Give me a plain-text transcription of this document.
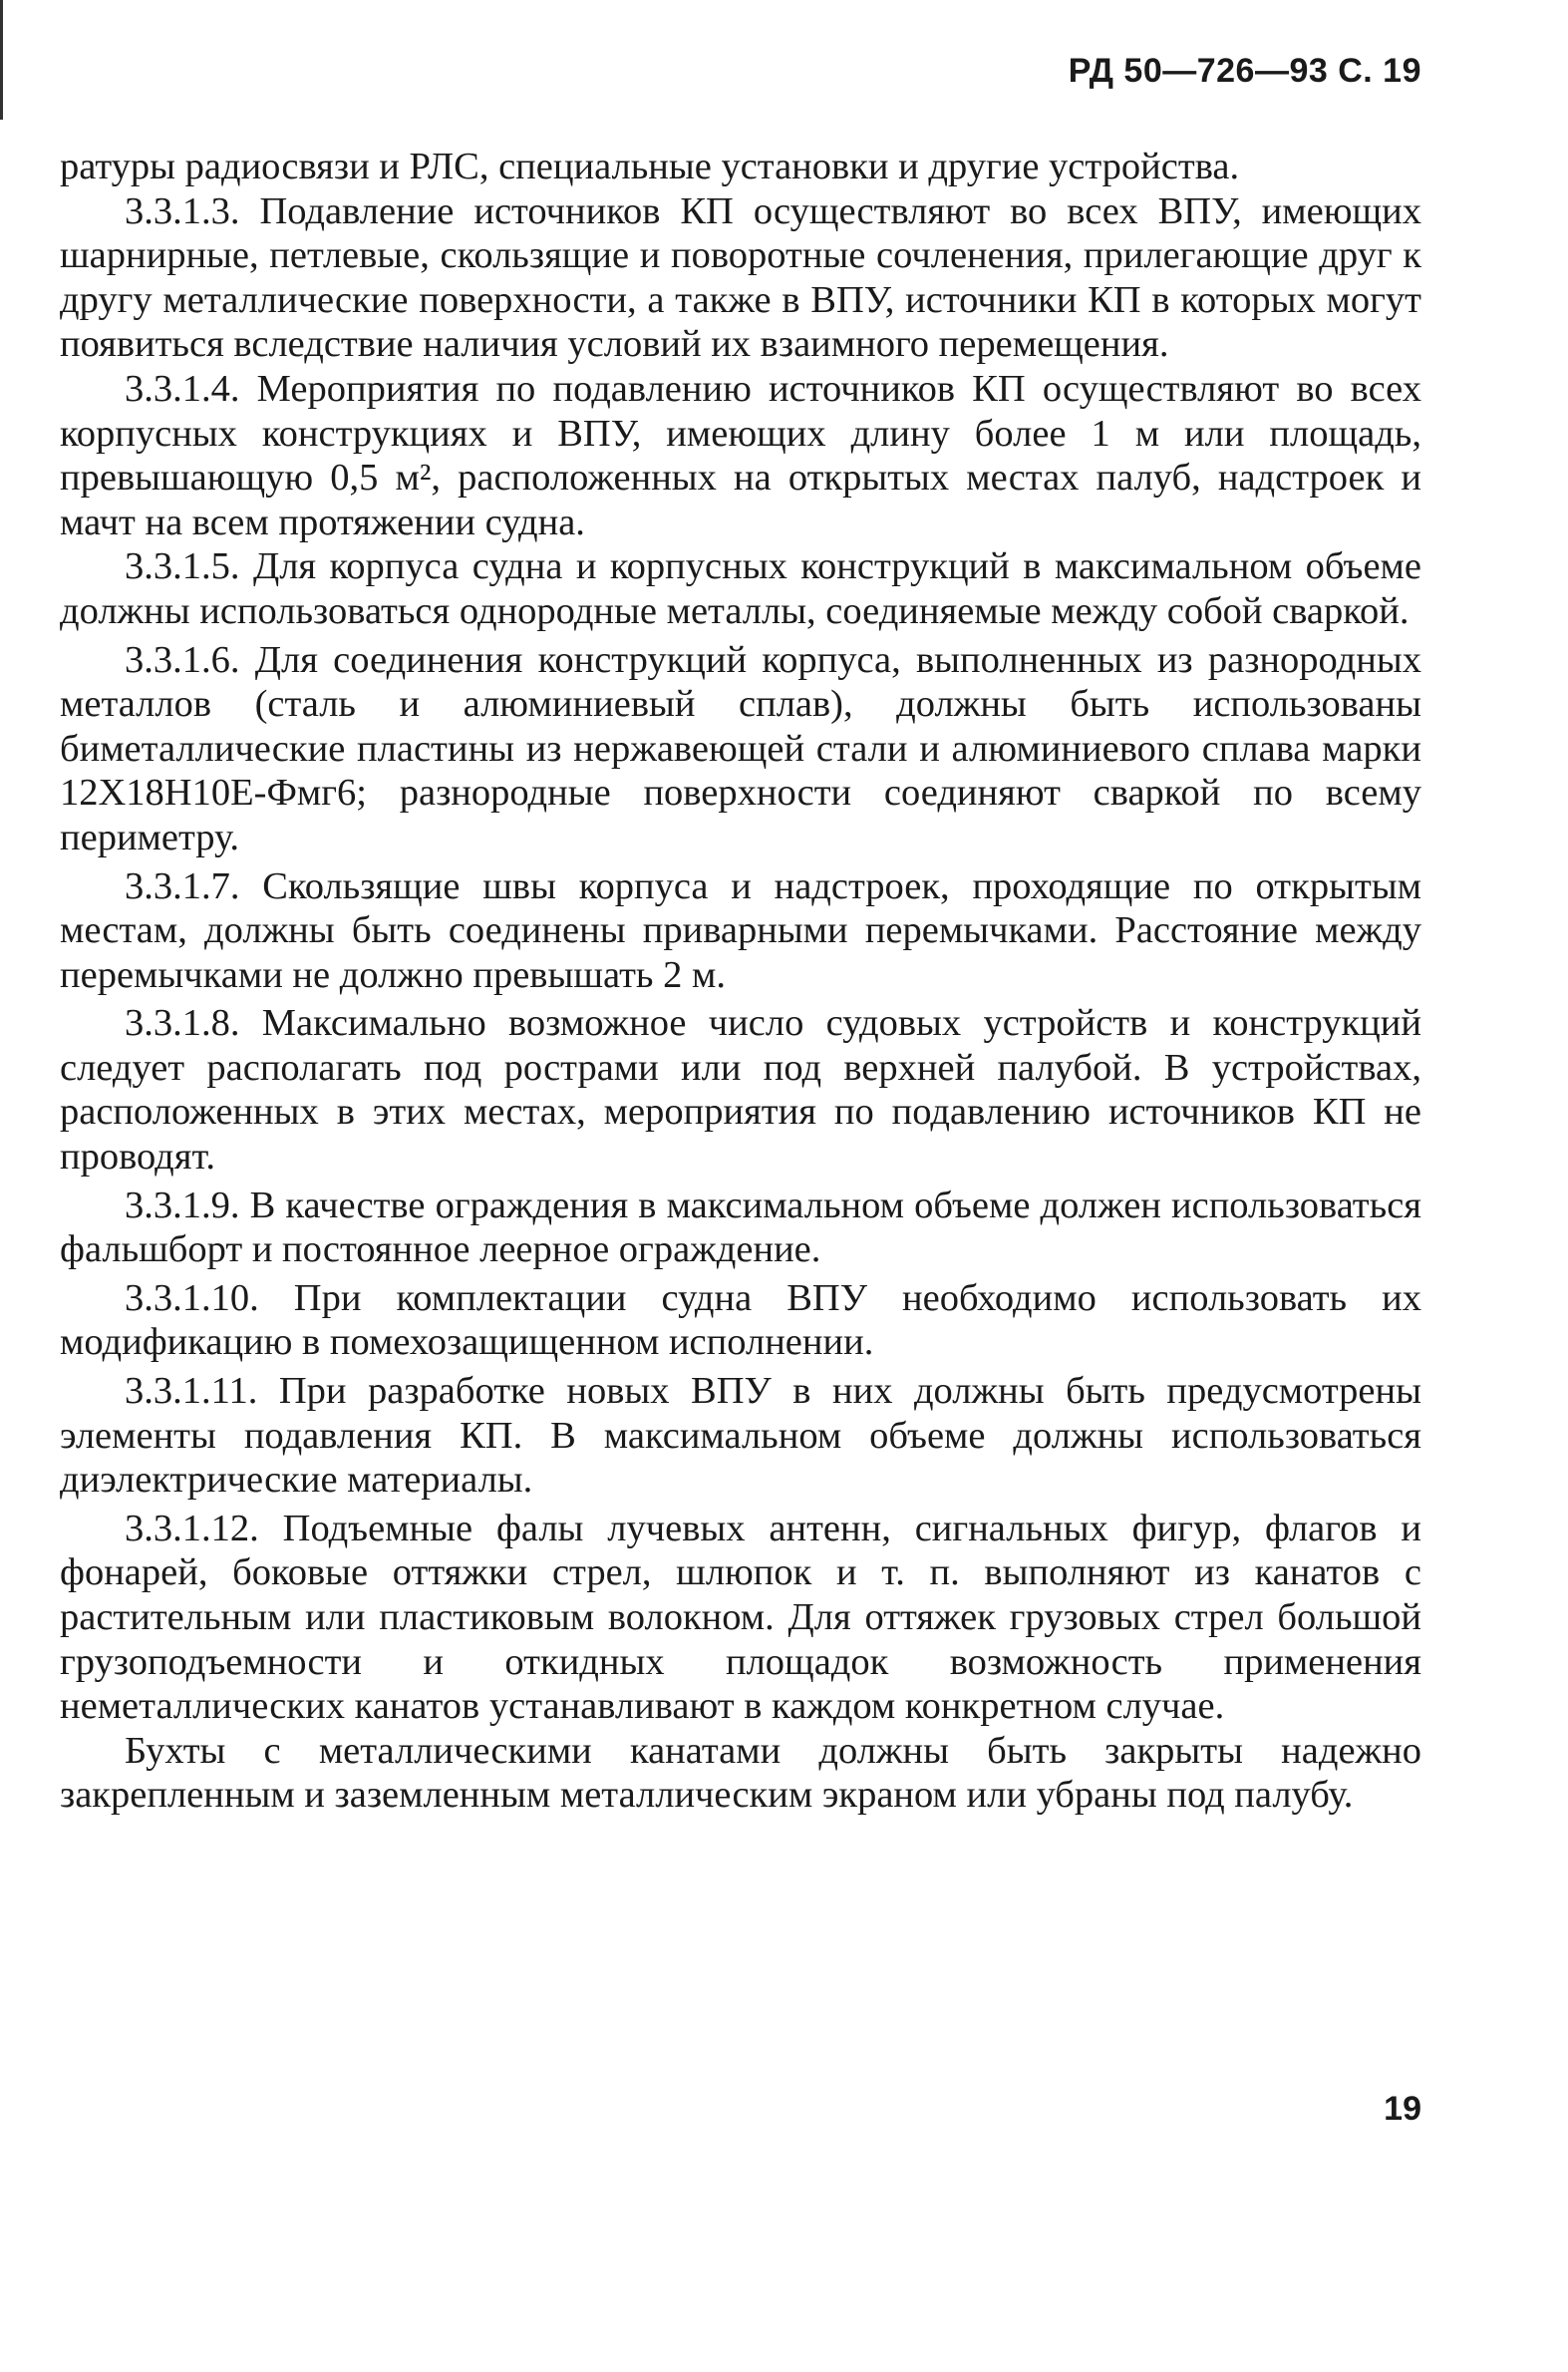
РД 50—726—93 С. 19

ратуры радиосвязи и РЛС, специальные установки и другие устройства.

3.3.1.3. Подавление источников КП осуществляют во всех ВПУ, имеющих шарнирные, петлевые, скользящие и поворотные сочленения, прилегающие друг к другу металлические поверхности, а также в ВПУ, источники КП в которых могут появиться вследствие наличия условий их взаимного перемещения.

3.3.1.4. Мероприятия по подавлению источников КП осуществляют во всех корпусных конструкциях и ВПУ, имеющих длину более 1 м или площадь, превышающую 0,5 м², расположенных на открытых местах палуб, надстроек и мачт на всем протяжении судна.

3.3.1.5. Для корпуса судна и корпусных конструкций в максимальном объеме должны использоваться однородные металлы, соединяемые между собой сваркой.

3.3.1.6. Для соединения конструкций корпуса, выполненных из разнородных металлов (сталь и алюминиевый сплав), должны быть использованы биметаллические пластины из нержавеющей стали и алюминиевого сплава марки 12Х18Н10Е-Фмг6; разнородные поверхности соединяют сваркой по всему периметру.

3.3.1.7. Скользящие швы корпуса и надстроек, проходящие по открытым местам, должны быть соединены приварными перемычками. Расстояние между перемычками не должно превышать 2 м.

3.3.1.8. Максимально возможное число судовых устройств и конструкций следует располагать под рострами или под верхней палубой. В устройствах, расположенных в этих местах, мероприятия по подавлению источников КП не проводят.

3.3.1.9. В качестве ограждения в максимальном объеме должен использоваться фальшборт и постоянное леерное ограждение.

3.3.1.10. При комплектации судна ВПУ необходимо использовать их модификацию в помехозащищенном исполнении.

3.3.1.11. При разработке новых ВПУ в них должны быть предусмотрены элементы подавления КП. В максимальном объеме должны использоваться диэлектрические материалы.

3.3.1.12. Подъемные фалы лучевых антенн, сигнальных фигур, флагов и фонарей, боковые оттяжки стрел, шлюпок и т. п. выполняют из канатов с растительным или пластиковым волокном. Для оттяжек грузовых стрел большой грузоподъемности и откидных площадок возможность применения неметаллических канатов устанавливают в каждом конкретном случае.

Бухты с металлическими канатами должны быть закрыты надежно закрепленным и заземленным металлическим экраном или убраны под палубу.

19
